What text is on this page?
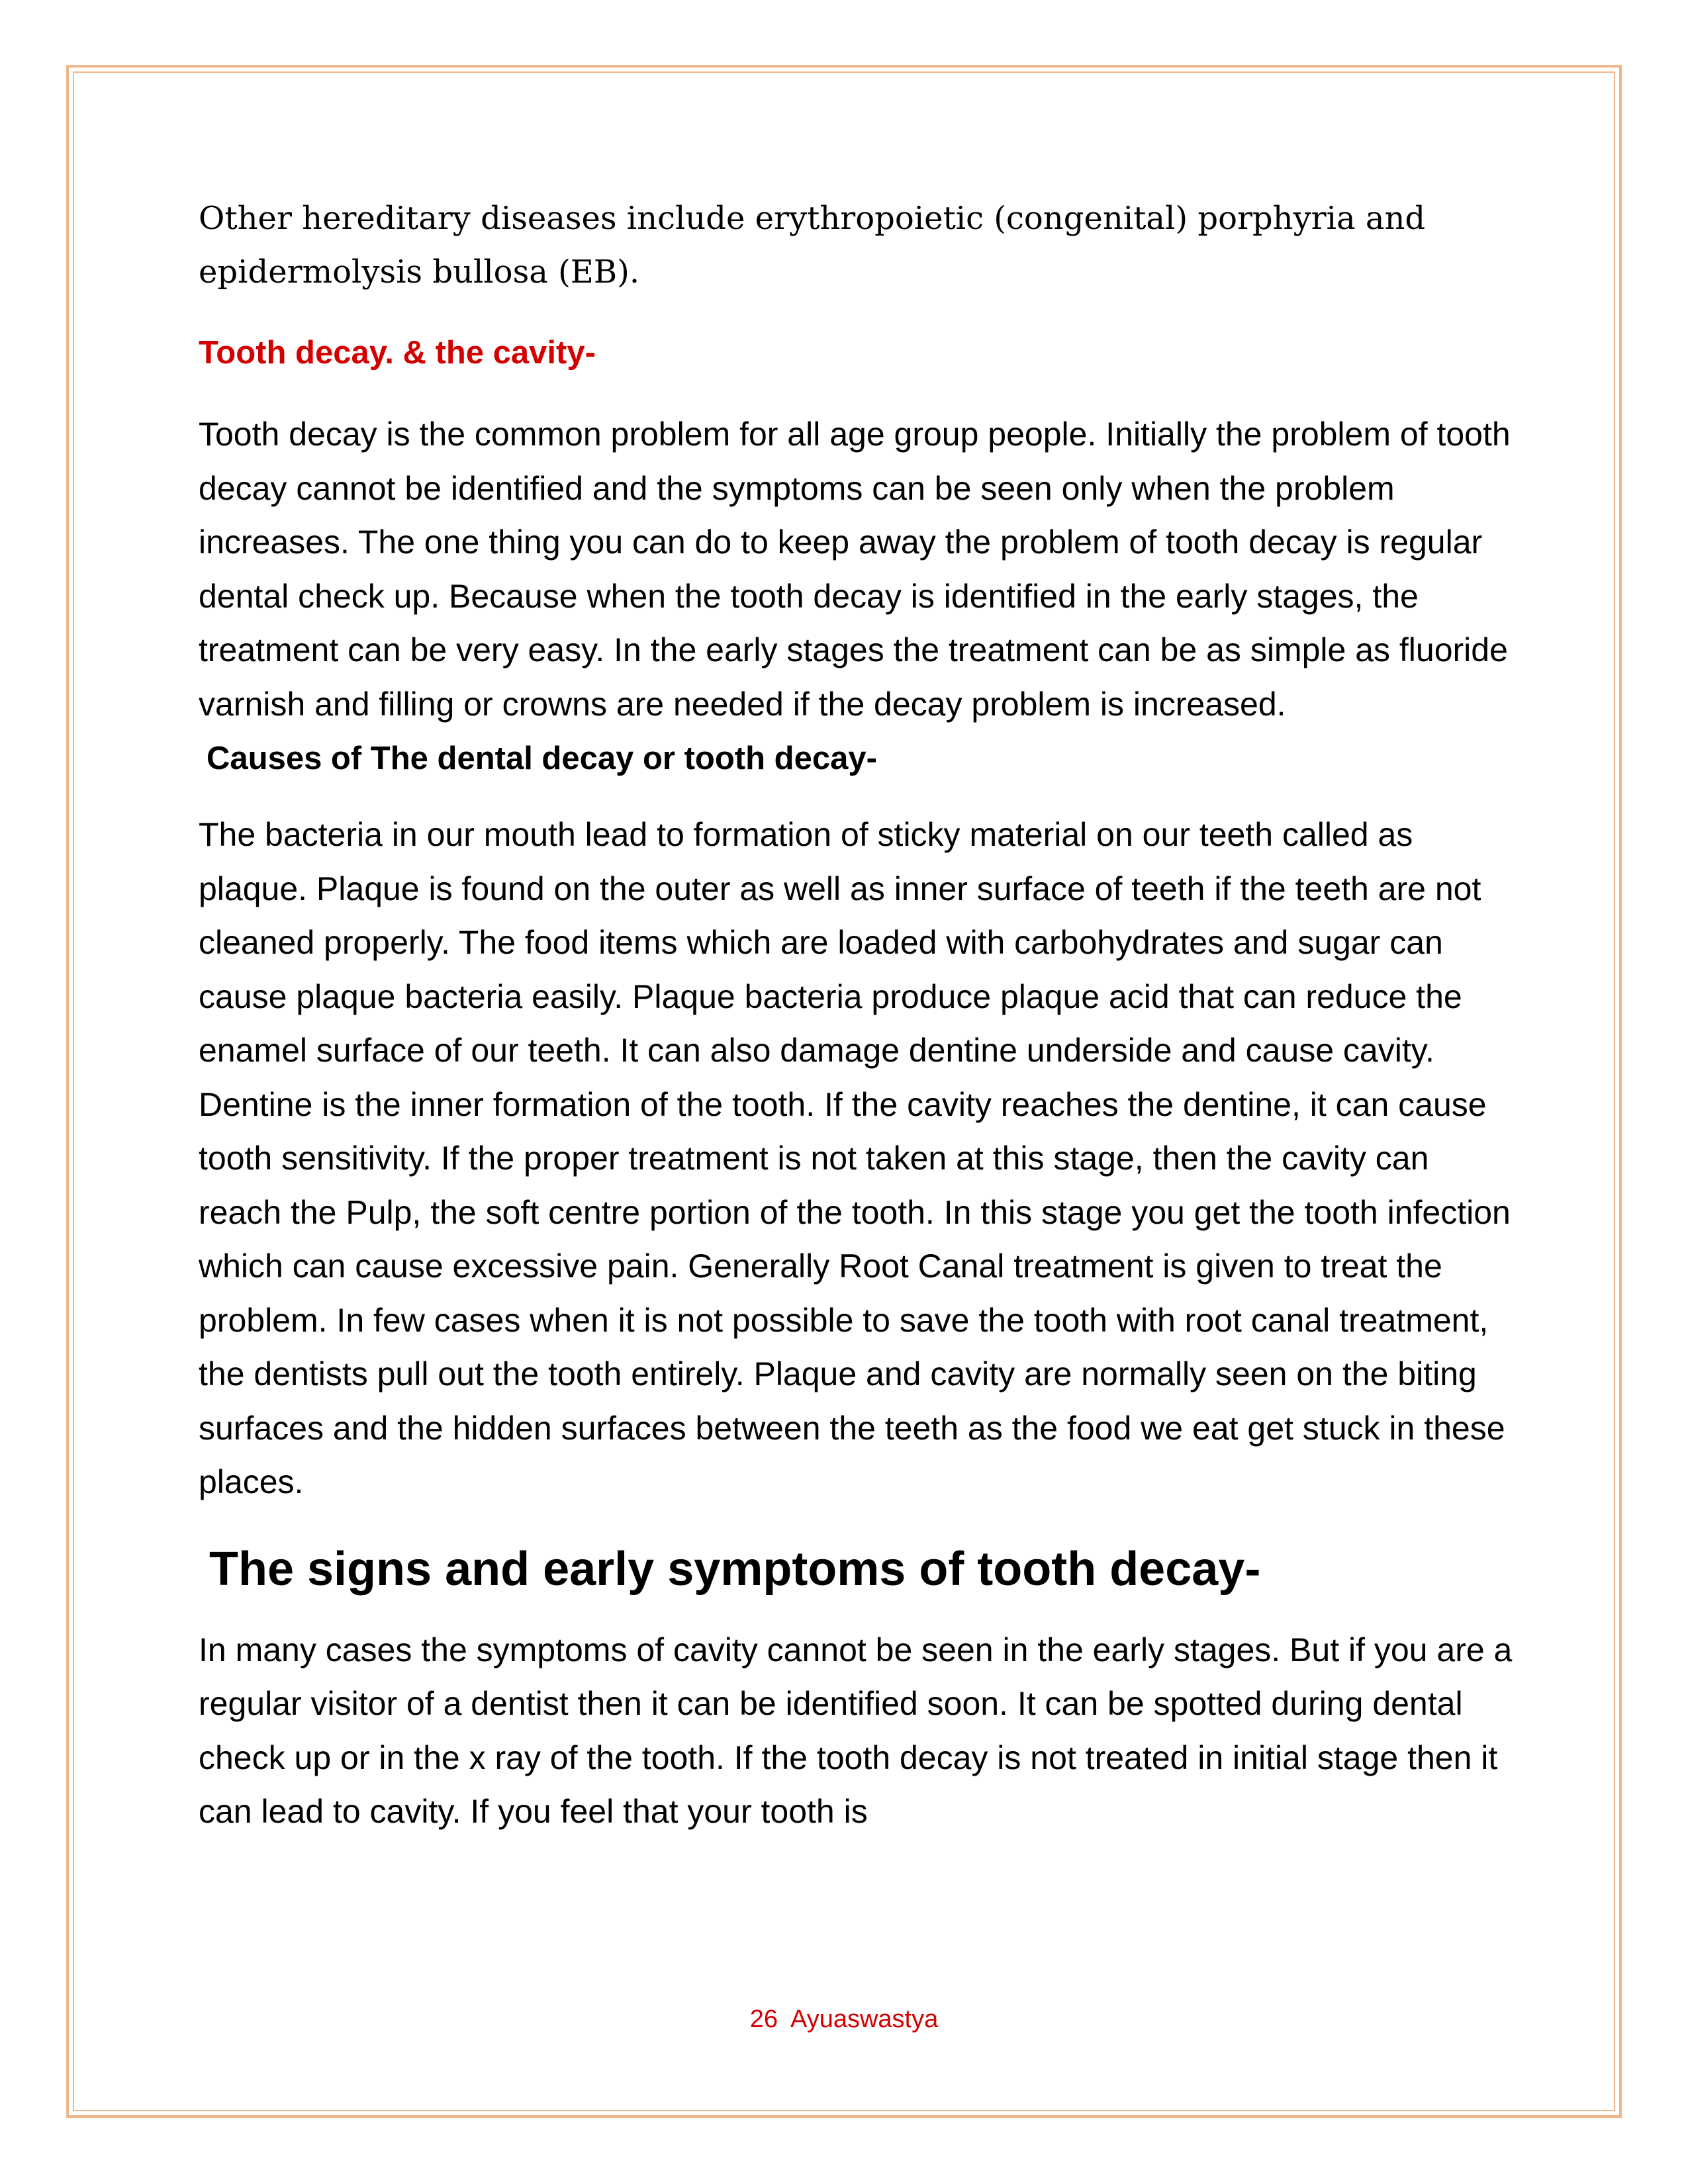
Other hereditary diseases include erythropoietic (congenital) porphyria and epidermolysis bullosa (EB).

Tooth decay. & the cavity-

Tooth decay is the common problem for all age group people. Initially the problem of tooth decay cannot be identified and the symptoms can be seen only when the problem increases. The one thing you can do to keep away the problem of tooth decay is regular dental check up. Because when the tooth decay is identified in the early stages, the treatment can be very easy. In the early stages the treatment can be as simple as fluoride varnish and filling or crowns are needed if the decay problem is increased.

Causes of The dental decay or tooth decay-

The bacteria in our mouth lead to formation of sticky material on our teeth called as plaque. Plaque is found on the outer as well as inner surface of teeth if the teeth are not cleaned properly. The food items which are loaded with carbohydrates and sugar can cause plaque bacteria easily. Plaque bacteria produce plaque acid that can reduce the enamel surface of our teeth. It can also damage dentine underside and cause cavity. Dentine is the inner formation of the tooth. If the cavity reaches the dentine, it can cause tooth sensitivity. If the proper treatment is not taken at this stage, then the cavity can reach the Pulp, the soft centre portion of the tooth. In this stage you get the tooth infection which can cause excessive pain. Generally Root Canal treatment is given to treat the problem. In few cases when it is not possible to save the tooth with root canal treatment, the dentists pull out the tooth entirely. Plaque and cavity are normally seen on the biting surfaces and the hidden surfaces between the teeth as the food we eat get stuck in these places.

The signs and early symptoms of tooth decay-

In many cases the symptoms of cavity cannot be seen in the early stages. But if you are a regular visitor of a dentist then it can be identified soon. It can be spotted during dental check up or in the x ray of the tooth. If the tooth decay is not treated in initial stage then it can lead to cavity. If you feel that your tooth is

26  Ayuaswastya
